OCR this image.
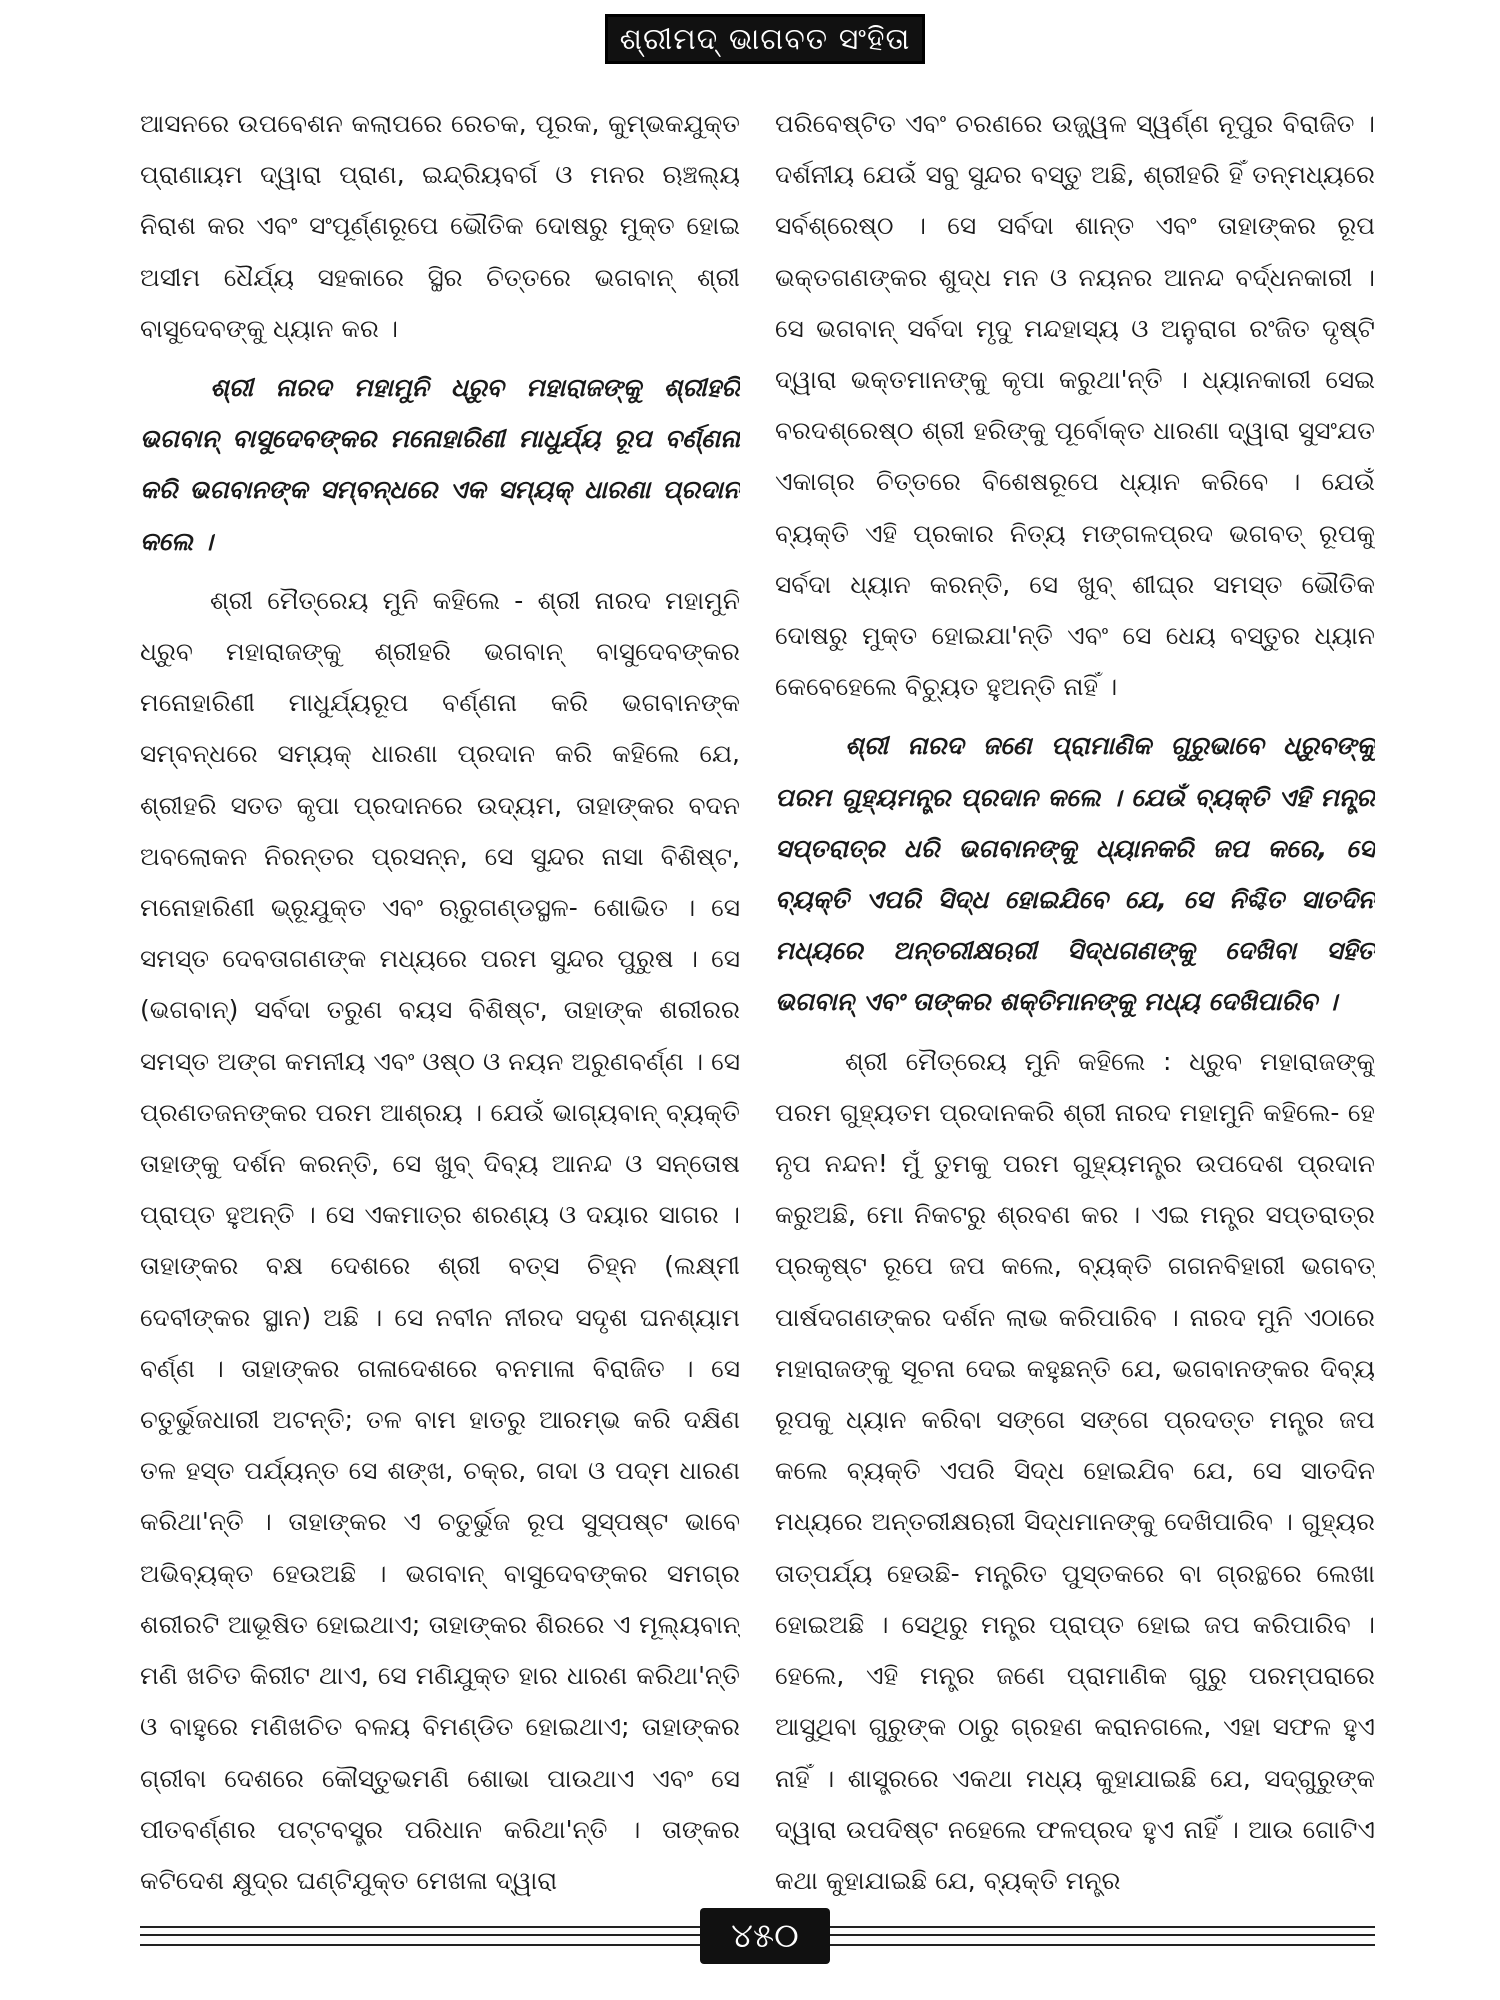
ଶ୍ରୀମଦ୍ ଭାଗବତ ସଂହିତା

ଆସନରେ ଉପବେଶନ କଲାପରେ ରେଚକ, ପୂରକ, କୁମ୍ଭକଯୁକ୍ତ ପ୍ରାଣାୟମ ଦ୍ୱାରା ପ୍ରାଣ, ଇନ୍ଦ୍ରିୟବର୍ଗ ଓ ମନର ଋଞ୍ଚଲ୍ୟ ନିରାଶ କର ଏବଂ ସଂପୂର୍ଣ୍ଣରୂପେ ଭୌତିକ ଦୋଷରୁ ମୁକ୍ତ ହୋଇ ଅସୀମ ଧୈର୍ଯ୍ୟ ସହକାରେ ସ୍ଥିର ଚିତ୍ତରେ ଭଗବାନ୍ ଶ୍ରୀ ବାସୁଦେବଙ୍କୁ ଧ୍ୟାନ କର ।

ଶ୍ରୀ ନାରଦ ମହାମୁନି ଧ୍ରୁବ ମହାରାଜଙ୍କୁ ଶ୍ରୀହରି ଭଗବାନ୍ ବାସୁଦେବଙ୍କର ମନୋହାରିଣୀ ମାଧୁର୍ଯ୍ୟ ରୂପ ବର୍ଣ୍ଣନା କରି ଭଗବାନଙ୍କ ସମ୍ବନ୍ଧରେ ଏକ ସମ୍ୟକ୍ ଧାରଣା ପ୍ରଦାନ କଲେ ।

ଶ୍ରୀ ମୈତ୍ରେୟ ମୁନି କହିଲେ - ଶ୍ରୀ ନାରଦ ମହାମୁନି ଧ୍ରୁବ ମହାରାଜଙ୍କୁ ଶ୍ରୀହରି ଭଗବାନ୍ ବାସୁଦେବଙ୍କର ମନୋହାରିଣୀ ମାଧୁର୍ଯ୍ୟରୂପ ବର୍ଣ୍ଣନା କରି ଭଗବାନଙ୍କ ସମ୍ବନ୍ଧରେ ସମ୍ୟକ୍ ଧାରଣା ପ୍ରଦାନ କରି କହିଲେ ଯେ, ଶ୍ରୀହରି ସତତ କୃପା ପ୍ରଦାନରେ ଉଦ୍ୟମ, ତାହାଙ୍କର ବଦନ ଅବଲୋକନ ନିରନ୍ତର ପ୍ରସନ୍ନ, ସେ ସୁନ୍ଦର ନାସା ବିଶିଷ୍ଟ, ମନୋହାରିଣୀ ଭ୍ରୂଯୁକ୍ତ ଏବଂ ଋରୁଗଣ୍ଡସ୍ଥଳ- ଶୋଭିତ । ସେ ସମସ୍ତ ଦେବତାଗଣଙ୍କ ମଧ୍ୟରେ ପରମ ସୁନ୍ଦର ପୁରୁଷ । ସେ (ଭଗବାନ୍) ସର୍ବଦା ତରୁଣ ବୟସ ବିଶିଷ୍ଟ, ତାହାଙ୍କ ଶରୀରର ସମସ୍ତ ଅଙ୍ଗ କମନୀୟ ଏବଂ ଓଷ୍ଠ ଓ ନୟନ ଅରୁଣବର୍ଣ୍ଣ । ସେ ପ୍ରଣତଜନଙ୍କର ପରମ ଆଶ୍ରୟ । ଯେଉଁ ଭାଗ୍ୟବାନ୍ ବ୍ୟକ୍ତି ତାହାଙ୍କୁ ଦର୍ଶନ କରନ୍ତି, ସେ ଖୁବ୍ ଦିବ୍ୟ ଆନନ୍ଦ ଓ ସନ୍ତୋଷ ପ୍ରାପ୍ତ ହୁଅନ୍ତି । ସେ ଏକମାତ୍ର ଶରଣ୍ୟ ଓ ଦୟାର ସାଗର । ତାହାଙ୍କର ବକ୍ଷ ଦେଶରେ ଶ୍ରୀ ବତ୍ସ ଚିହ୍ନ (ଲକ୍ଷ୍ମୀ ଦେବୀଙ୍କର ସ୍ଥାନ) ଅଛି । ସେ ନବୀନ ନୀରଦ ସଦୃଶ ଘନଶ୍ୟାମ ବର୍ଣ୍ଣ । ତାହାଙ୍କର ଗଳାଦେଶରେ ବନମାଳା ବିରାଜିତ । ସେ ଚତୁର୍ଭୁଜଧାରୀ ଅଟନ୍ତି; ତଳ ବାମ ହାତରୁ ଆରମ୍ଭ କରି ଦକ୍ଷିଣ ତଳ ହସ୍ତ ପର୍ଯ୍ୟନ୍ତ ସେ ଶଙ୍ଖ, ଚକ୍ର, ଗଦା ଓ ପଦ୍ମ ଧାରଣ କରିଥା'ନ୍ତି । ତାହାଙ୍କର ଏ ଚତୁର୍ଭୁଜ ରୂପ ସୁସ୍ପଷ୍ଟ ଭାବେ ଅଭିବ୍ୟକ୍ତ ହେଉଅଛି । ଭଗବାନ୍ ବାସୁଦେବଙ୍କର ସମଗ୍ର ଶରୀରଟି ଆଭୂଷିତ ହୋଇଥାଏ; ତାହାଙ୍କର ଶିରରେ ଏ ମୂଲ୍ୟବାନ୍ ମଣି ଖଚିତ କିରୀଟ ଥାଏ, ସେ ମଣିଯୁକ୍ତ ହାର ଧାରଣ କରିଥା'ନ୍ତି ଓ ବାହୁରେ ମଣିଖଚିତ ବଳୟ ବିମଣ୍ଡିତ ହୋଇଥାଏ; ତାହାଙ୍କର ଗ୍ରୀବା ଦେଶରେ କୌସ୍ତୁଭମଣି ଶୋଭା ପାଉଥାଏ ଏବଂ ସେ ପୀତବର୍ଣ୍ଣର ପଟ୍ଟବସ୍ତ୍ର ପରିଧାନ କରିଥା'ନ୍ତି । ତାଙ୍କର କଟିଦେଶ କ୍ଷୁଦ୍ର ଘଣ୍ଟିଯୁକ୍ତ ମେଖଳା ଦ୍ୱାରା

ପରିବେଷ୍ଟିତ ଏବଂ ଚରଣରେ ଉଜ୍ଜ୍ୱଳ ସ୍ୱର୍ଣ୍ଣ ନୂପୁର ବିରାଜିତ । ଦର୍ଶନୀୟ ଯେଉଁ ସବୁ ସୁନ୍ଦର ବସ୍ତୁ ଅଛି, ଶ୍ରୀହରି ହିଁ ତନ୍ମଧ୍ୟରେ ସର୍ବଶ୍ରେଷ୍ଠ । ସେ ସର୍ବଦା ଶାନ୍ତ ଏବଂ ତାହାଙ୍କର ରୂପ ଭକ୍ତଗଣଙ୍କର ଶୁଦ୍ଧ ମନ ଓ ନୟନର ଆନନ୍ଦ ବର୍ଦ୍ଧନକାରୀ । ସେ ଭଗବାନ୍ ସର୍ବଦା ମୃଦୁ ମନ୍ଦହାସ୍ୟ ଓ ଅନୁରାଗ ରଂଜିତ ଦୃଷ୍ଟି ଦ୍ୱାରା ଭକ୍ତମାନଙ୍କୁ କୃପା କରୁଥା'ନ୍ତି । ଧ୍ୟାନକାରୀ ସେଇ ବରଦଶ୍ରେଷ୍ଠ ଶ୍ରୀ ହରିଙ୍କୁ ପୂର୍ବୋକ୍ତ ଧାରଣା ଦ୍ୱାରା ସୁସଂଯତ ଏକାଗ୍ର ଚିତ୍ତରେ ବିଶେଷରୂପେ ଧ୍ୟାନ କରିବେ । ଯେଉଁ ବ୍ୟକ୍ତି ଏହି ପ୍ରକାର ନିତ୍ୟ ମଙ୍ଗଳପ୍ରଦ ଭଗବତ୍ ରୂପକୁ ସର୍ବଦା ଧ୍ୟାନ କରନ୍ତି, ସେ ଖୁବ୍ ଶୀଘ୍ର ସମସ୍ତ ଭୌତିକ ଦୋଷରୁ ମୁକ୍ତ ହୋଇଯା'ନ୍ତି ଏବଂ ସେ ଧେୟ ବସ୍ତୁର ଧ୍ୟାନ କେବେହେଲେ ବିଚ୍ୟୁତ ହୁଅନ୍ତି ନାହିଁ ।

ଶ୍ରୀ ନାରଦ ଜଣେ ପ୍ରାମାଣିକ ଗୁରୁଭାବେ ଧ୍ରୁବଙ୍କୁ ପରମ ଗୁହ୍ୟମନ୍ତ୍ର ପ୍ରଦାନ କଲେ । ଯେଉଁ ବ୍ୟକ୍ତି ଏହି ମନ୍ତ୍ର ସପ୍ତରାତ୍ର ଧରି ଭଗବାନଙ୍କୁ ଧ୍ୟାନକରି ଜପ କରେ, ସେ ବ୍ୟକ୍ତି ଏପରି ସିଦ୍ଧ ହୋଇଯିବେ ଯେ, ସେ ନିଶ୍ଚିତ ସାତଦିନ ମଧ୍ୟରେ ଅନ୍ତରୀକ୍ଷଋରୀ ସିଦ୍ଧଗଣଙ୍କୁ ଦେଖିବା ସହିତ ଭଗବାନ୍ ଏବଂ ତାଙ୍କର ଶକ୍ତିମାନଙ୍କୁ ମଧ୍ୟ ଦେଖିପାରିବ ।

ଶ୍ରୀ ମୈତ୍ରେୟ ମୁନି କହିଲେ : ଧ୍ରୁବ ମହାରାଜଙ୍କୁ ପରମ ଗୁହ୍ୟତମ ପ୍ରଦାନକରି ଶ୍ରୀ ନାରଦ ମହାମୁନି କହିଲେ- ହେ ନୃପ ନନ୍ଦନ! ମୁଁ ତୁମକୁ ପରମ ଗୁହ୍ୟମନ୍ତ୍ର ଉପଦେଶ ପ୍ରଦାନ କରୁଅଛି, ମୋ ନିକଟରୁ ଶ୍ରବଣ କର । ଏଇ ମନ୍ତ୍ର ସପ୍ତରାତ୍ର ପ୍ରକୃଷ୍ଟ ରୂପେ ଜପ କଲେ, ବ୍ୟକ୍ତି ଗଗନବିହାରୀ ଭଗବତ୍ ପାର୍ଷଦଗଣଙ୍କର ଦର୍ଶନ ଲାଭ କରିପାରିବ । ନାରଦ ମୁନି ଏଠାରେ ମହାରାଜଙ୍କୁ ସୂଚନା ଦେଇ କହୁଛନ୍ତି ଯେ, ଭଗବାନଙ୍କର ଦିବ୍ୟ ରୂପକୁ ଧ୍ୟାନ କରିବା ସଙ୍ଗେ ସଙ୍ଗେ ପ୍ରଦତ୍ତ ମନ୍ତ୍ର ଜପ କଲେ ବ୍ୟକ୍ତି ଏପରି ସିଦ୍ଧ ହୋଇଯିବ ଯେ, ସେ ସାତଦିନ ମଧ୍ୟରେ ଅନ୍ତରୀକ୍ଷଋରୀ ସିଦ୍ଧମାନଙ୍କୁ ଦେଖିପାରିବ । ଗୁହ୍ୟର ତାତ୍ପର୍ଯ୍ୟ ହେଉଛି- ମନ୍ତ୍ରିତ ପୁସ୍ତକରେ ବା ଗ୍ରନ୍ଥରେ ଲେଖା ହୋଇଅଛି । ସେଥିରୁ ମନ୍ତ୍ର ପ୍ରାପ୍ତ ହୋଇ ଜପ କରିପାରିବ । ହେଲେ, ଏହି ମନ୍ତ୍ର ଜଣେ ପ୍ରାମାଣିକ ଗୁରୁ ପରମ୍ପରାରେ ଆସୁଥିବା ଗୁରୁଙ୍କ ଠାରୁ ଗ୍ରହଣ କରାନଗଲେ, ଏହା ସଫଳ ହୁଏ ନାହିଁ । ଶାସ୍ତ୍ରରେ ଏକଥା ମଧ୍ୟ କୁହାଯାଇଛି ଯେ, ସଦ୍‌ଗୁରୁଙ୍କ ଦ୍ୱାରା ଉପଦିଷ୍ଟ ନହେଲେ ଫଳପ୍ରଦ ହୁଏ ନାହିଁ । ଆଉ ଗୋଟିଏ କଥା କୁହାଯାଇଛି ଯେ, ବ୍ୟକ୍ତି ମନ୍ତ୍ର

୪୫୦
